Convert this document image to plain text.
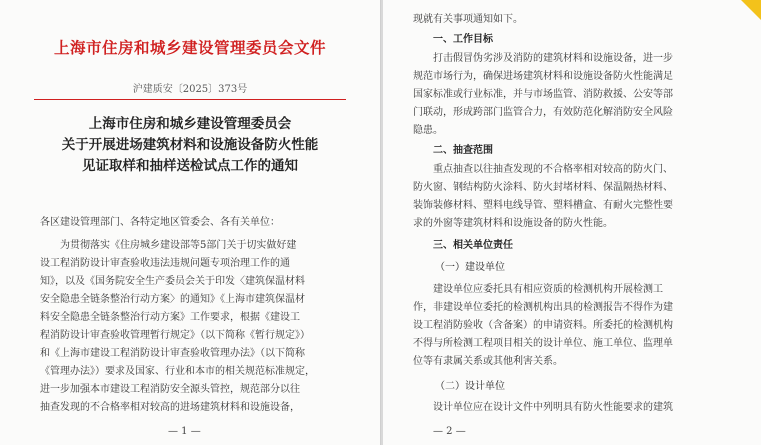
上海市住房和城乡建设管理委员会文件
沪建质安〔2025〕373号
上海市住房和城乡建设管理委员会
关于开展进场建筑材料和设施设备防火性能
见证取样和抽样送检试点工作的通知
各区建设管理部门、各特定地区管委会、各有关单位：
为贯彻落实《住房城乡建设部等5部门关于切实做好建
设工程消防设计审查验收违法违规问题专项治理工作的通
知》，以及《国务院安全生产委员会关于印发〈建筑保温材料
安全隐患全链条整治行动方案〉的通知》《上海市建筑保温材
料安全隐患全链条整治行动方案》工作要求，根据《建设工
程消防设计审查验收管理暂行规定》（以下简称《暂行规定》）
和《上海市建设工程消防设计审查验收管理办法》（以下简称
《管理办法》）要求及国家、行业和本市的相关规范标准规定，
进一步加强本市建设工程消防安全源头管控，规范部分以往
抽查发现的不合格率相对较高的进场建筑材料和设施设备，
— 1 —
现就有关事项通知如下。
一、工作目标
打击假冒伪劣涉及消防的建筑材料和设施设备，进一步
规范市场行为，确保进场建筑材料和设施设备防火性能满足
国家标准或行业标准，并与市场监管、消防救援、公安等部
门联动，形成跨部门监管合力，有效防范化解消防安全风险
隐患。
二、抽查范围
重点抽查以往抽查发现的不合格率相对较高的防火门、
防火窗、钢结构防火涂料、防火封堵材料、保温隔热材料、
装饰装修材料、塑料电线导管、塑料槽盒、有耐火完整性要
求的外窗等建筑材料和设施设备的防火性能。
三、相关单位责任
（一）建设单位
建设单位应委托具有相应资质的检测机构开展检测工
作，非建设单位委托的检测机构出具的检测报告不得作为建
设工程消防验收（含备案）的申请资料。所委托的检测机构
不得与所检测工程项目相关的设计单位、施工单位、监理单
位等有隶属关系或其他利害关系。
（二）设计单位
设计单位应在设计文件中列明具有防火性能要求的建筑
— 2 —
